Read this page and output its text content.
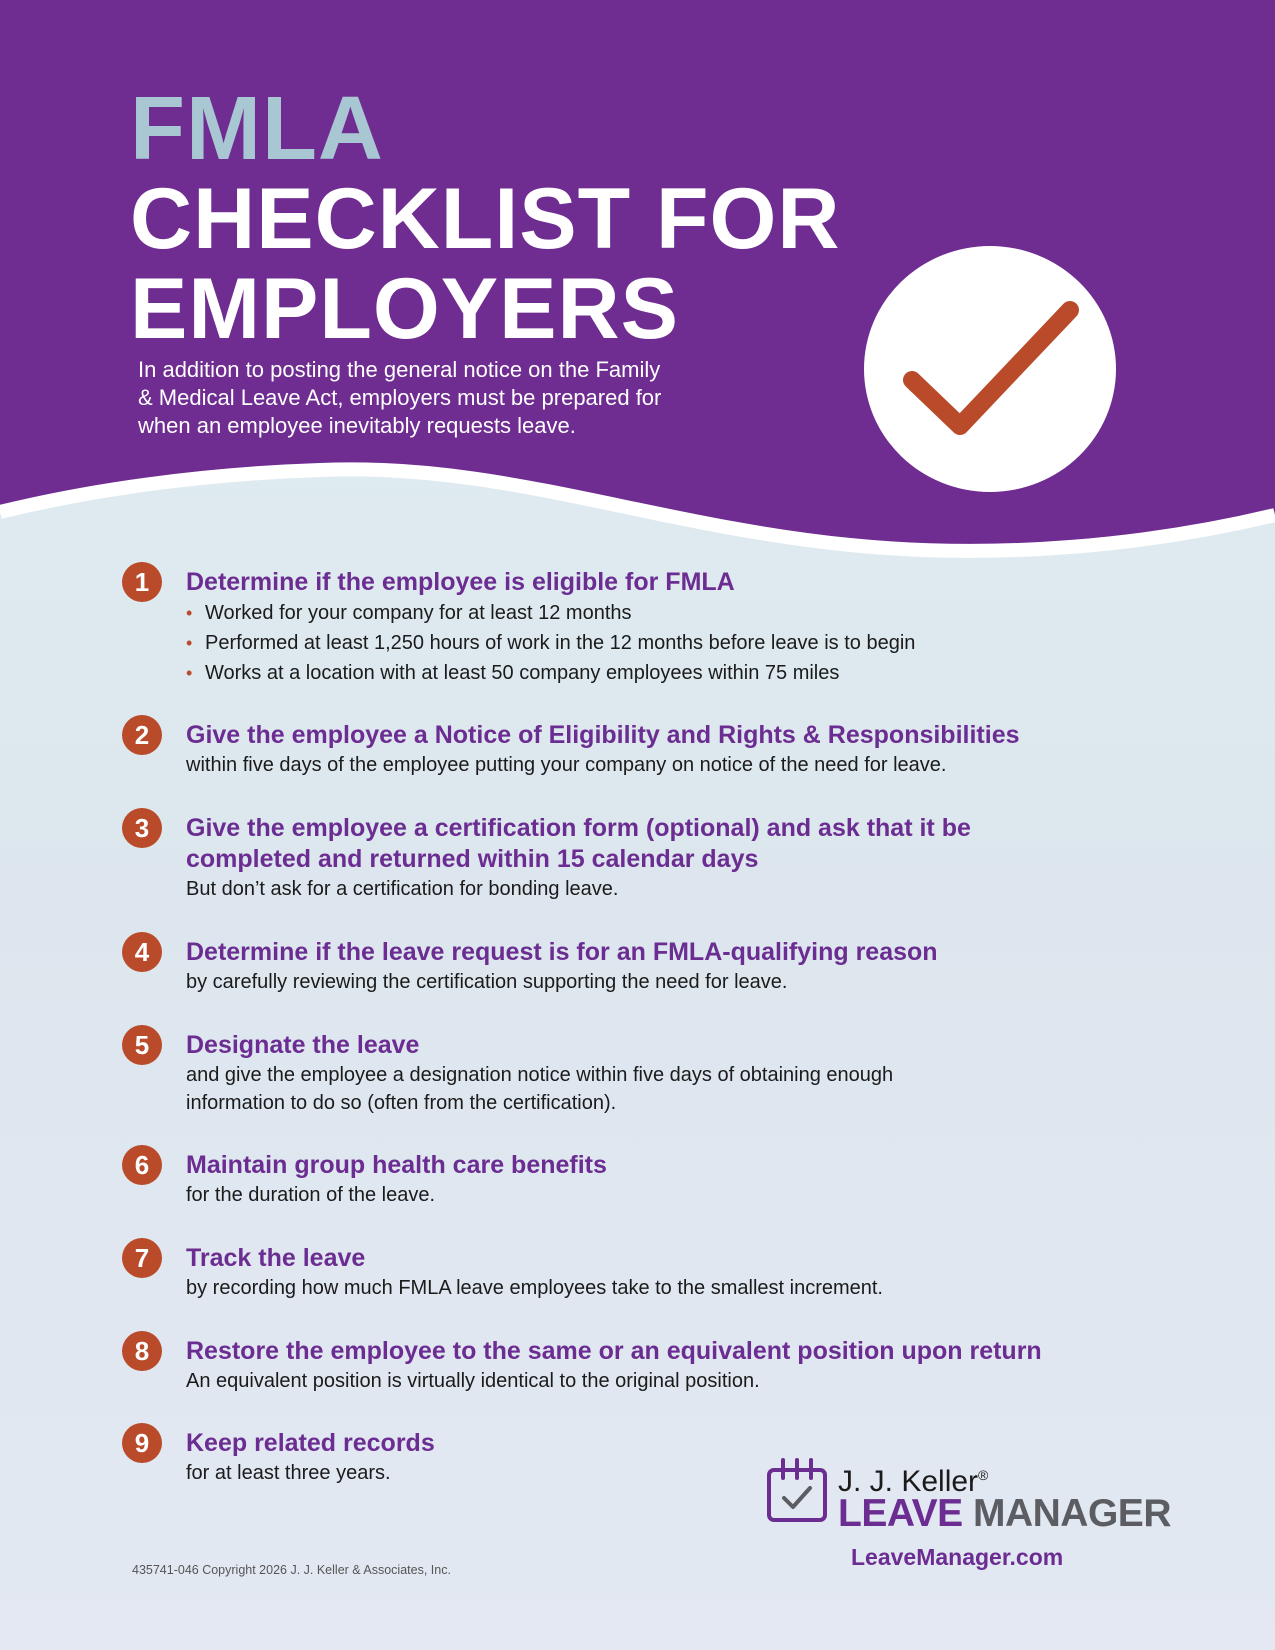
FMLA
CHECKLIST FOR
EMPLOYERS

In addition to posting the general notice on the Family
& Medical Leave Act, employers must be prepared for
when an employee inevitably requests leave.

1	Determine if the employee is eligible for FMLA
• Worked for your company for at least 12 months
• Performed at least 1,250 hours of work in the 12 months before leave is to begin
• Works at a location with at least 50 company employees within 75 miles
2	Give the employee a Notice of Eligibility and Rights & Responsibilities

within five days of the employee putting your company on notice of the need for leave.

3	Give the employee a certification form (optional) and ask that it be
completed and returned within 15 calendar days

But don’t ask for a certification for bonding leave.

4	Determine if the leave request is for an FMLA-qualifying reason

by carefully reviewing the certification supporting the need for leave.

5	Designate the leave

and give the employee a designation notice within five days of obtaining enough
information to do so (often from the certification).

6	Maintain group health care benefits

for the duration of the leave.

7	Track the leave

by recording how much FMLA leave employees take to the smallest increment.

8	Restore the employee to the same or an equivalent position upon return

An equivalent position is virtually identical to the original position.

9	Keep related records

for at least three years.	J. J. Keller®
LEAVE MANAGER
LeaveManager.com
435741-046 Copyright 2026 J. J. Keller & Associates, Inc.
